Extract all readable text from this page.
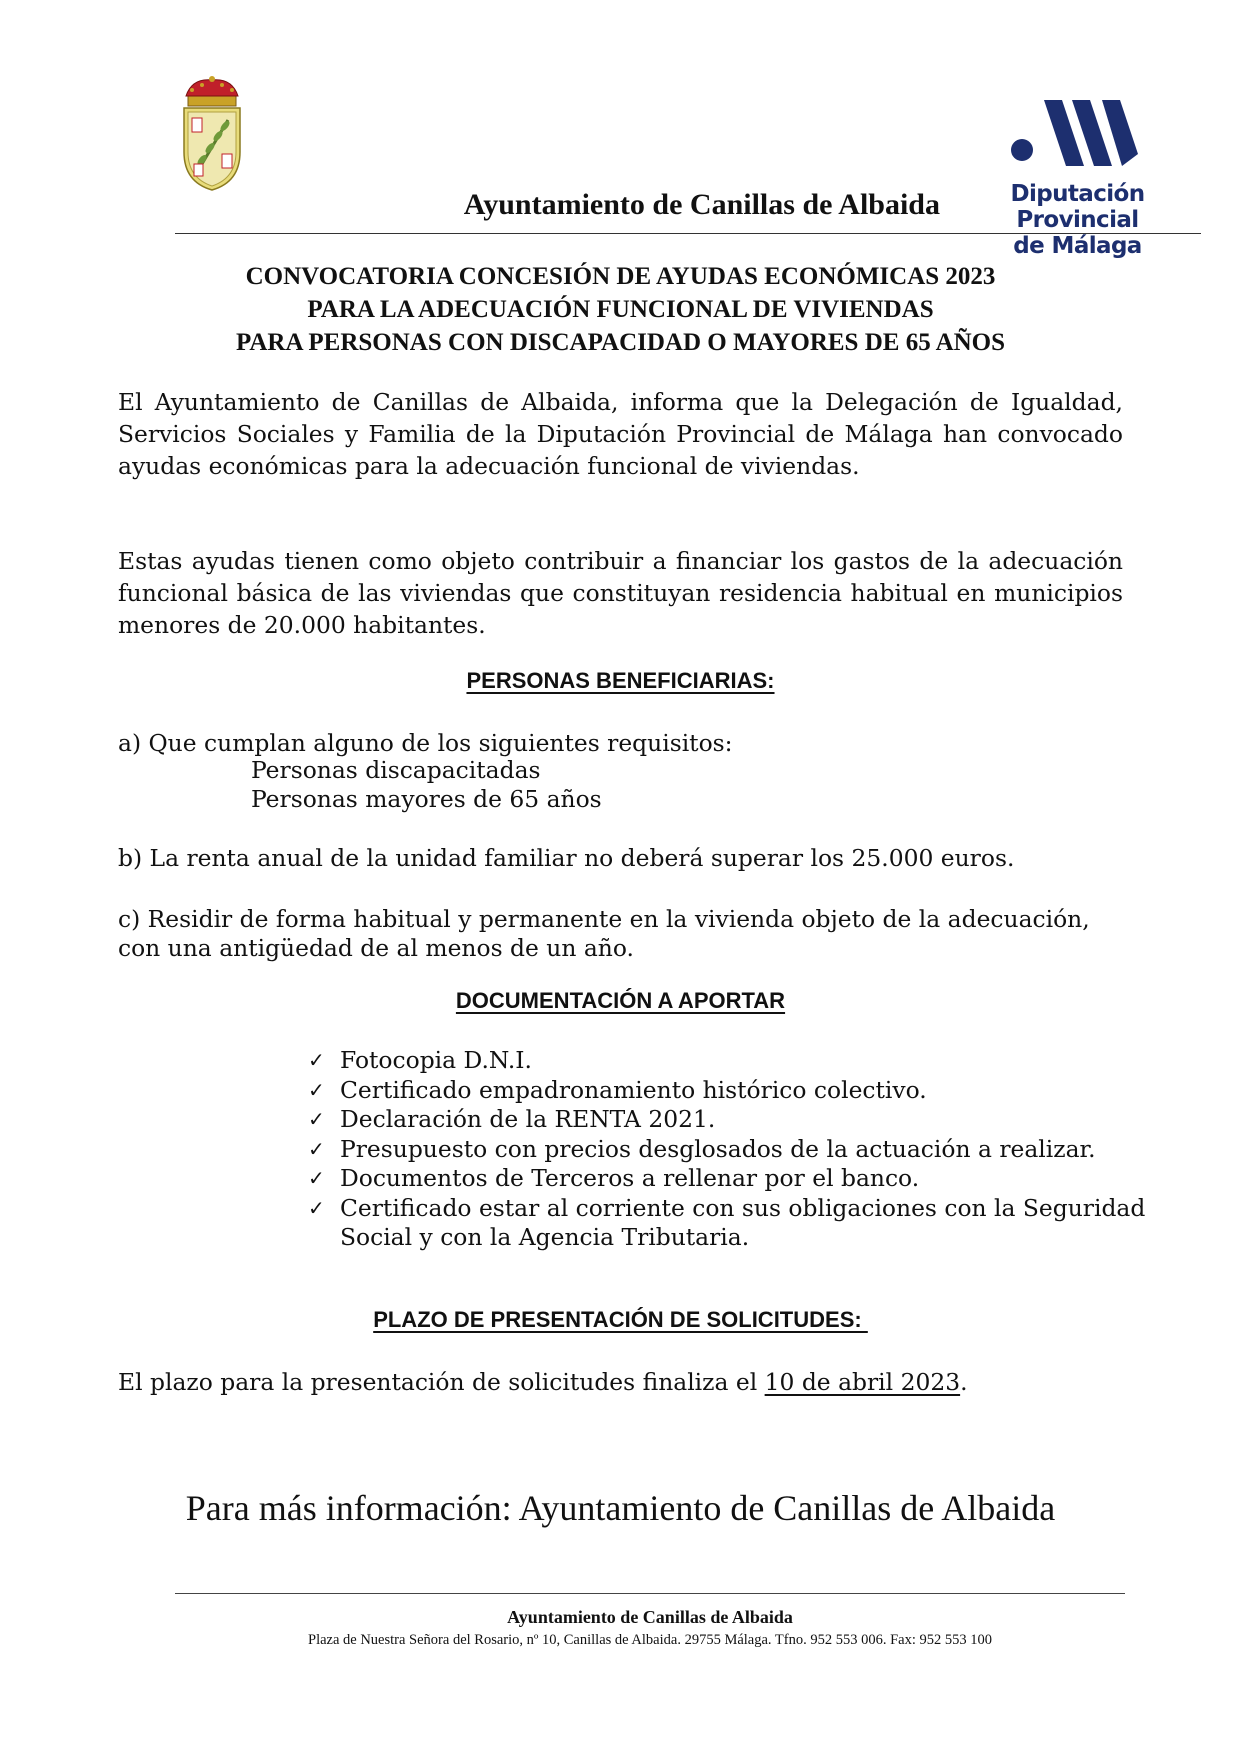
Ayuntamiento de Canillas de Albaida	Diputación Provincial
de Málaga
CONVOCATORIA CONCESIÓN DE AYUDAS ECONÓMICAS 2023
PARA LA ADECUACIÓN FUNCIONAL DE VIVIENDAS
PARA PERSONAS CON DISCAPACIDAD O MAYORES DE 65 AÑOS
El Ayuntamiento de Canillas de Albaida, informa que la Delegación de Igualdad, Servicios Sociales y Familia de la Diputación Provincial de Málaga han convocado ayudas económicas para la adecuación funcional de viviendas.
Estas ayudas tienen como objeto contribuir a financiar los gastos de la adecuación funcional básica de las viviendas que constituyan residencia habitual en municipios menores de 20.000 habitantes.
PERSONAS BENEFICIARIAS:
a) Que cumplan alguno de los siguientes requisitos:
Personas discapacitadas
Personas mayores de 65 años
b) La renta anual de la unidad familiar no deberá superar los 25.000 euros.
c) Residir de forma habitual y permanente en la vivienda objeto de la adecuación,
con una antigüedad de al menos de un año.
DOCUMENTACIÓN A APORTAR
✓ Fotocopia D.N.I.
✓ Certificado empadronamiento histórico colectivo.
✓ Declaración de la RENTA 2021.
✓ Presupuesto con precios desglosados de la actuación a realizar.
✓ Documentos de Terceros a rellenar por el banco.
✓ Certificado estar al corriente con sus obligaciones con la Seguridad Social y con la Agencia Tributaria.
PLAZO DE PRESENTACIÓN DE SOLICITUDES:
El plazo para la presentación de solicitudes finaliza el 10 de abril 2023.
Para más información: Ayuntamiento de Canillas de Albaida
Ayuntamiento de Canillas de Albaida
Plaza de Nuestra Señora del Rosario, nº 10, Canillas de Albaida. 29755 Málaga. Tfno. 952 553 006. Fax: 952 553 100
